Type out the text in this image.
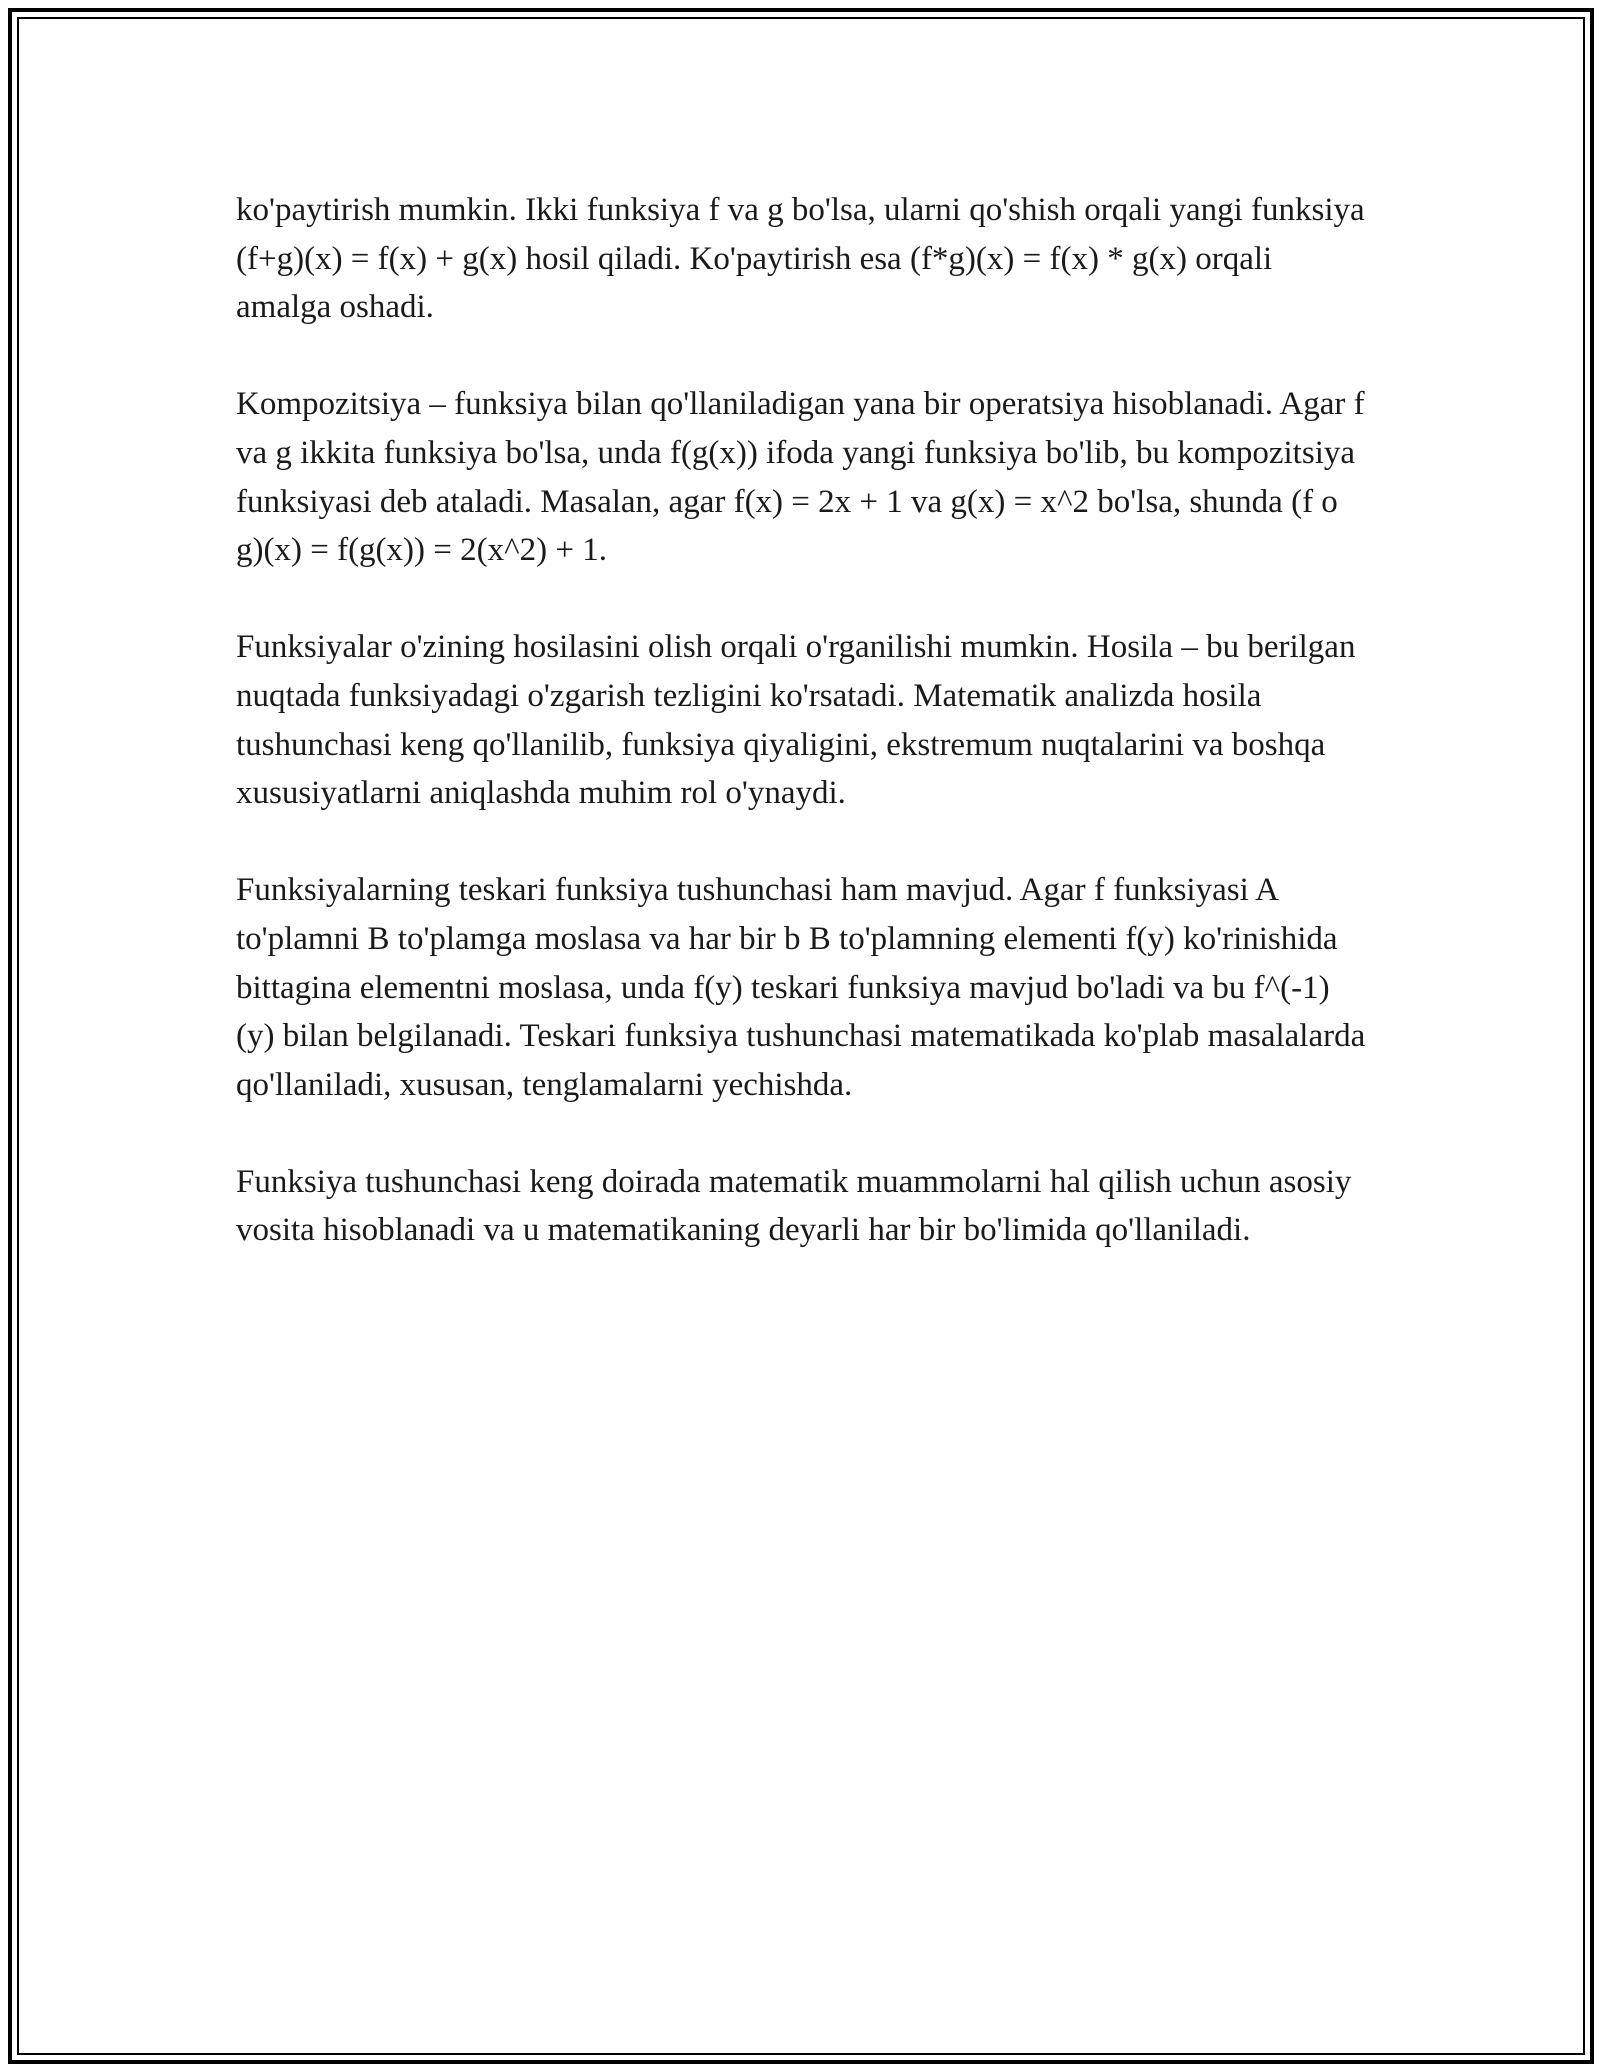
ko'paytirish mumkin. Ikki funksiya f va g bo'lsa, ularni qo'shish orqali yangi funksiya (f+g)(x) = f(x) + g(x) hosil qiladi. Ko'paytirish esa (f*g)(x) = f(x) * g(x) orqali amalga oshadi.

Kompozitsiya – funksiya bilan qo'llaniladigan yana bir operatsiya hisoblanadi. Agar f va g ikkita funksiya bo'lsa, unda f(g(x)) ifoda yangi funksiya bo'lib, bu kompozitsiya funksiyasi deb ataladi. Masalan, agar f(x) = 2x + 1 va g(x) = x^2 bo'lsa, shunda (f o g)(x) = f(g(x)) = 2(x^2) + 1.

Funksiyalar o'zining hosilasini olish orqali o'rganilishi mumkin. Hosila – bu berilgan nuqtada funksiyadagi o'zgarish tezligini ko'rsatadi. Matematik analizda hosila tushunchasi keng qo'llanilib, funksiya qiyaligini, ekstremum nuqtalarini va boshqa xususiyatlarni aniqlashda muhim rol o'ynaydi.

Funksiyalarning teskari funksiya tushunchasi ham mavjud. Agar f funksiyasi A to'plamni B to'plamga moslasa va har bir b B to'plamning elementi f(y) ko'rinishida bittagina elementni moslasa, unda f(y) teskari funksiya mavjud bo'ladi va bu f^(-1)(y) bilan belgilanadi. Teskari funksiya tushunchasi matematikada ko'plab masalalarda qo'llaniladi, xususan, tenglamalarni yechishda.

Funksiya tushunchasi keng doirada matematik muammolarni hal qilish uchun asosiy vosita hisoblanadi va u matematikaning deyarli har bir bo'limida qo'llaniladi.
